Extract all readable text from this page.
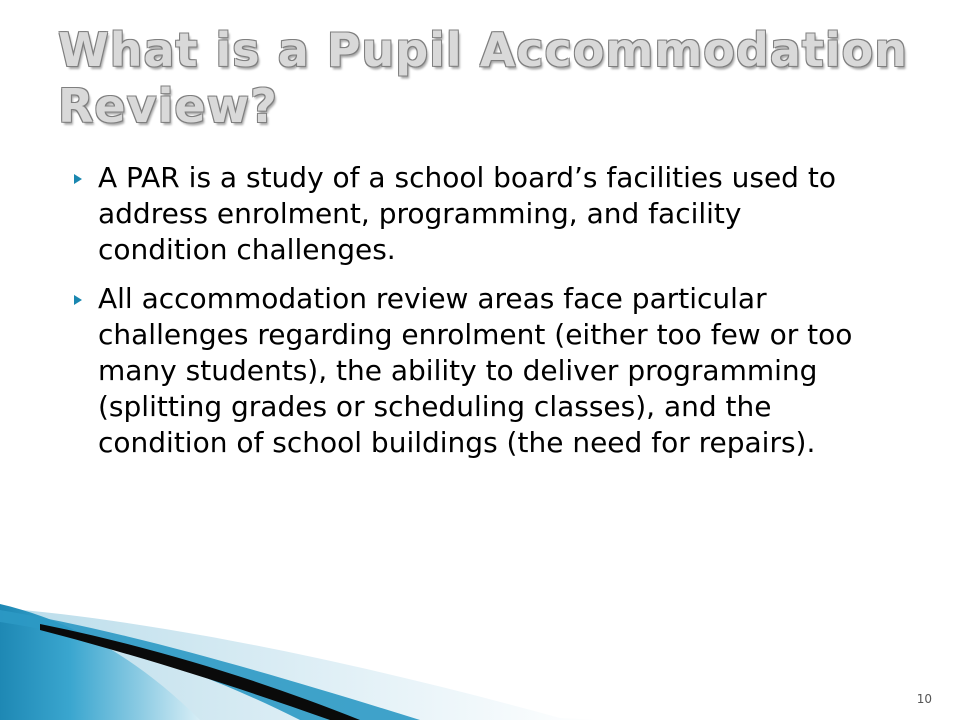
What is a Pupil Accommodation Review?
A PAR is a study of a school board’s facilities used to address enrolment, programming, and facility condition challenges.
All accommodation review areas face particular challenges regarding enrolment (either too few or too many students), the ability to deliver programming (splitting grades or scheduling classes), and the condition of school buildings (the need for repairs).
10
